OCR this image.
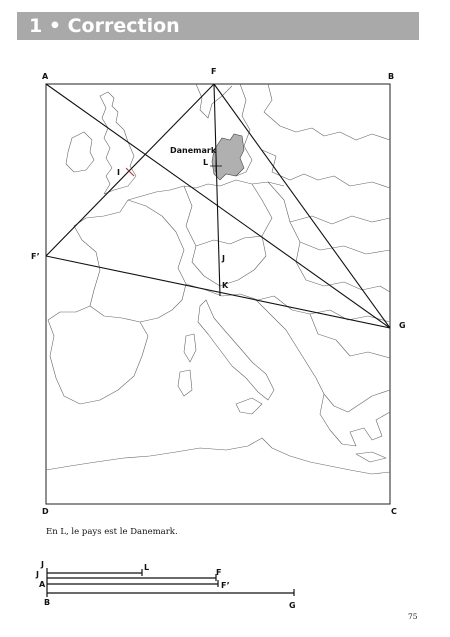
1 • Correction
A
F
B
I
Danemark
L
F’	J
K
G
D	C
En L, le pays est le Danemark.
J
J
A
B
L
F
F’
G
75
